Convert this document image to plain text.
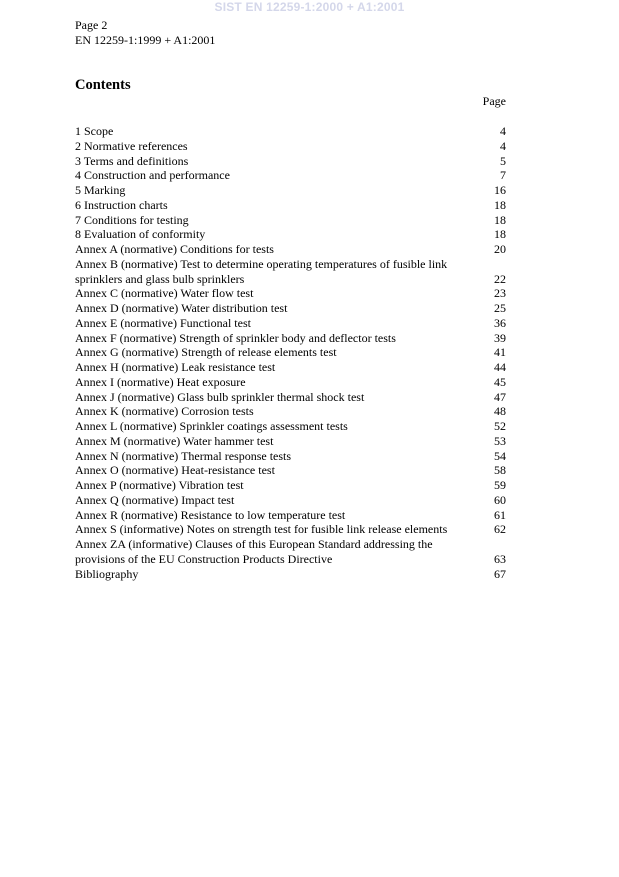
SIST EN 12259-1:2000 + A1:2001
Page 2
EN 12259-1:1999 + A1:2001
Contents
Page
1 Scope	4
2 Normative references	4
3 Terms and definitions	5
4 Construction and performance	7
5 Marking	16
6 Instruction charts	18
7 Conditions for testing	18
8 Evaluation of conformity	18
Annex A (normative) Conditions for tests	20
Annex B (normative) Test to determine operating temperatures of fusible link sprinklers and glass bulb sprinklers	22
Annex C (normative) Water flow test	23
Annex D (normative) Water distribution test	25
Annex E (normative) Functional test	36
Annex F (normative) Strength of sprinkler body and deflector tests	39
Annex G (normative) Strength of release elements test	41
Annex H (normative) Leak resistance test	44
Annex I (normative) Heat exposure	45
Annex J (normative) Glass bulb sprinkler thermal shock test	47
Annex K (normative) Corrosion tests	48
Annex L (normative) Sprinkler coatings assessment tests	52
Annex M (normative) Water hammer test	53
Annex N (normative) Thermal response tests	54
Annex O (normative) Heat-resistance test	58
Annex P (normative) Vibration test	59
Annex Q (normative) Impact test	60
Annex R (normative) Resistance to low temperature test	61
Annex S (informative) Notes on strength test for fusible link release elements	62
Annex ZA (informative) Clauses of this European Standard addressing the provisions of the EU Construction Products Directive	63
Bibliography	67
